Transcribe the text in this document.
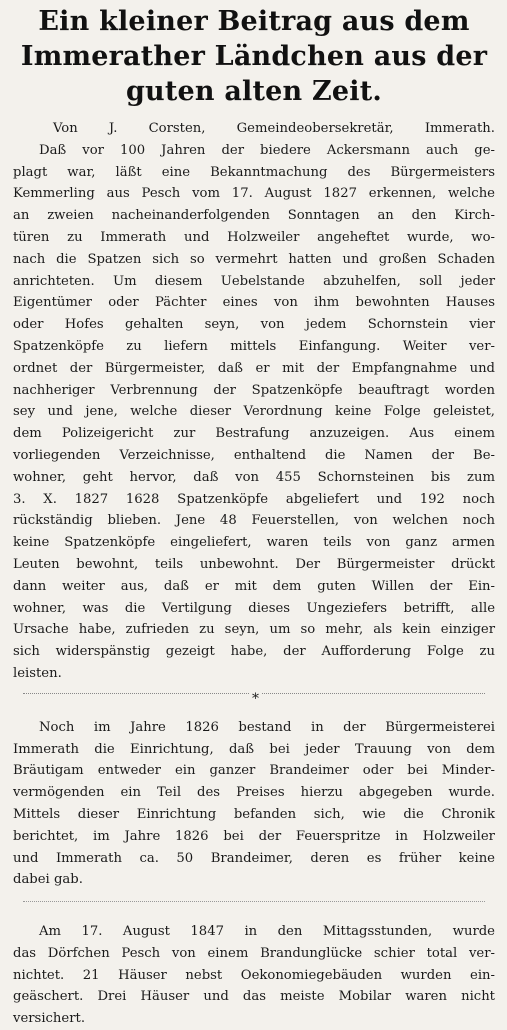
Ein kleiner Beitrag aus dem
Immerather Ländchen aus der
guten alten Zeit.
Von J. Corsten, Gemeindeobersekretär, Immerath.
Daß vor 100 Jahren der biedere Ackersmann auch ge-
plagt war, läßt eine Bekanntmachung des Bürgermeisters
Kemmerling aus Pesch vom 17. August 1827 erkennen, welche
an zweien nacheinanderfolgenden Sonntagen an den Kirch-
türen zu Immerath und Holzweiler angeheftet wurde, wo-
nach die Spatzen sich so vermehrt hatten und großen Schaden
anrichteten. Um diesem Uebelstande abzuhelfen, soll jeder
Eigentümer oder Pächter eines von ihm bewohnten Hauses
oder Hofes gehalten seyn, von jedem Schornstein vier
Spatzenköpfe zu liefern mittels Einfangung. Weiter ver-
ordnet der Bürgermeister, daß er mit der Empfangnahme und
nachheriger Verbrennung der Spatzenköpfe beauftragt worden
sey und jene, welche dieser Verordnung keine Folge geleistet,
dem Polizeigericht zur Bestrafung anzuzeigen. Aus einem
vorliegenden Verzeichnisse, enthaltend die Namen der Be-
wohner, geht hervor, daß von 455 Schornsteinen bis zum
3. X. 1827 1628 Spatzenköpfe abgeliefert und 192 noch
rückständig blieben. Jene 48 Feuerstellen, von welchen noch
keine Spatzenköpfe eingeliefert, waren teils von ganz armen
Leuten bewohnt, teils unbewohnt. Der Bürgermeister drückt
dann weiter aus, daß er mit dem guten Willen der Ein-
wohner, was die Vertilgung dieses Ungeziefers betrifft, alle
Ursache habe, zufrieden zu seyn, um so mehr, als kein einziger
sich widerspänstig gezeigt habe, der Aufforderung Folge zu
leisten.
*
Noch im Jahre 1826 bestand in der Bürgermeisterei
Immerath die Einrichtung, daß bei jeder Trauung von dem
Bräutigam entweder ein ganzer Brandeimer oder bei Minder-
vermögenden ein Teil des Preises hierzu abgegeben wurde.
Mittels dieser Einrichtung befanden sich, wie die Chronik
berichtet, im Jahre 1826 bei der Feuerspritze in Holzweiler
und Immerath ca. 50 Brandeimer, deren es früher keine
dabei gab.
Am 17. August 1847 in den Mittagsstunden, wurde
das Dörfchen Pesch von einem Brandunglücke schier total ver-
nichtet. 21 Häuser nebst Oekonomiegebäuden wurden ein-
geäschert. Drei Häuser und das meiste Mobilar waren nicht
versichert.
